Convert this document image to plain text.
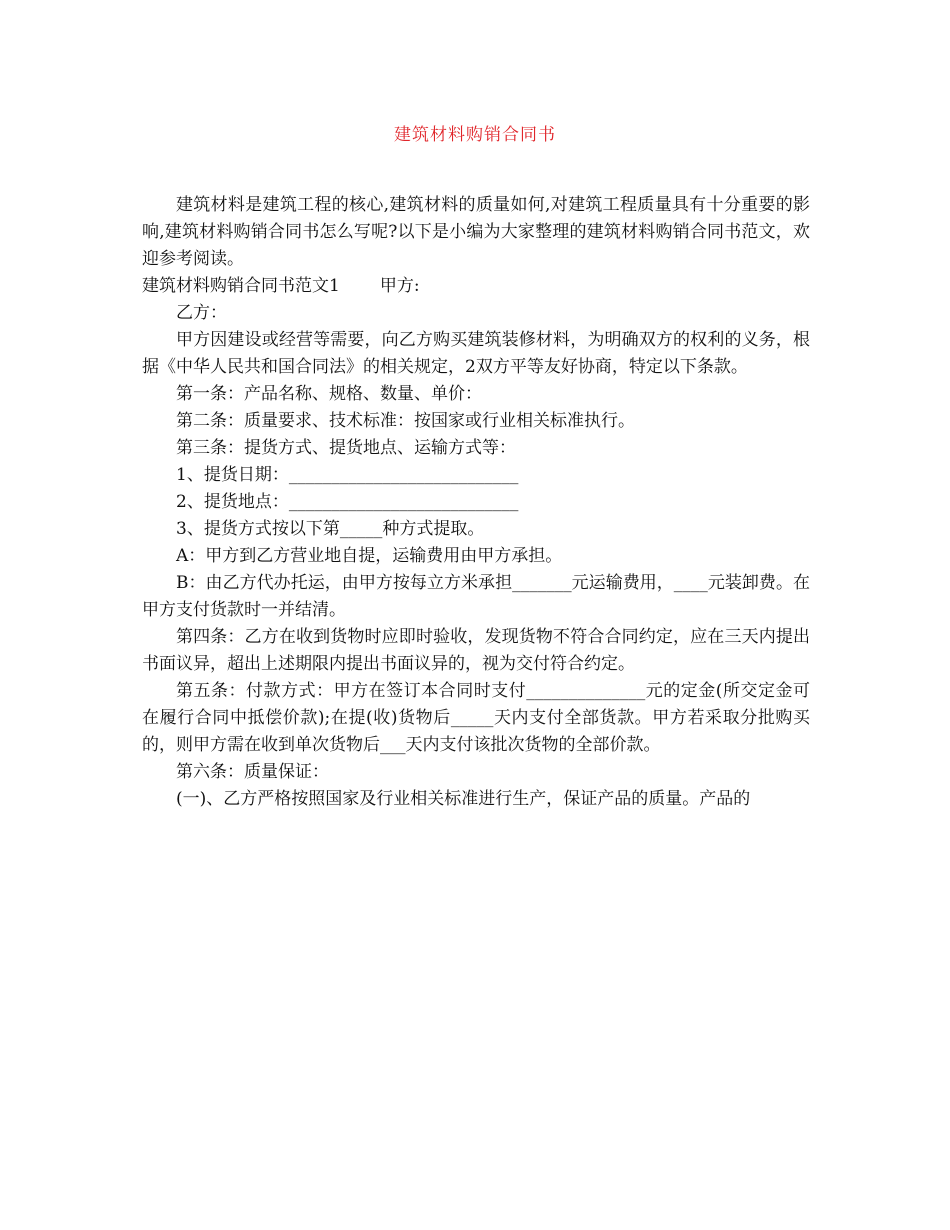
建筑材料购销合同书

建筑材料是建筑工程的核心,建筑材料的质量如何,对建筑工程质量具有十分重要的影响,建筑材料购销合同书怎么写呢?以下是小编为大家整理的建筑材料购销合同书范文，欢迎参考阅读。

建筑材料购销合同书范文1 甲方:

乙方：

甲方因建设或经营等需要，向乙方购买建筑装修材料，为明确双方的权利的义务，根据《中华人民共和国合同法》的相关规定，2双方平等友好协商，特定以下条款。

第一条：产品名称、规格、数量、单价：

第二条：质量要求、技术标准：按国家或行业相关标准执行。

第三条：提货方式、提货地点、运输方式等：

1、提货日期：___________________________

2、提货地点：___________________________

3、提货方式按以下第_____种方式提取。

A：甲方到乙方营业地自提，运输费用由甲方承担。

B：由乙方代办托运，由甲方按每立方米承担_______元运输费用，____元装卸费。在甲方支付货款时一并结清。

第四条：乙方在收到货物时应即时验收，发现货物不符合合同约定，应在三天内提出书面议异，超出上述期限内提出书面议异的，视为交付符合约定。

第五条：付款方式：甲方在签订本合同时支付______________元的定金(所交定金可在履行合同中抵偿价款);在提(收)货物后_____天内支付全部货款。甲方若采取分批购买的，则甲方需在收到单次货物后___天内支付该批次货物的全部价款。

第六条：质量保证：

(一)、乙方严格按照国家及行业相关标准进行生产，保证产品的质量。产品的
